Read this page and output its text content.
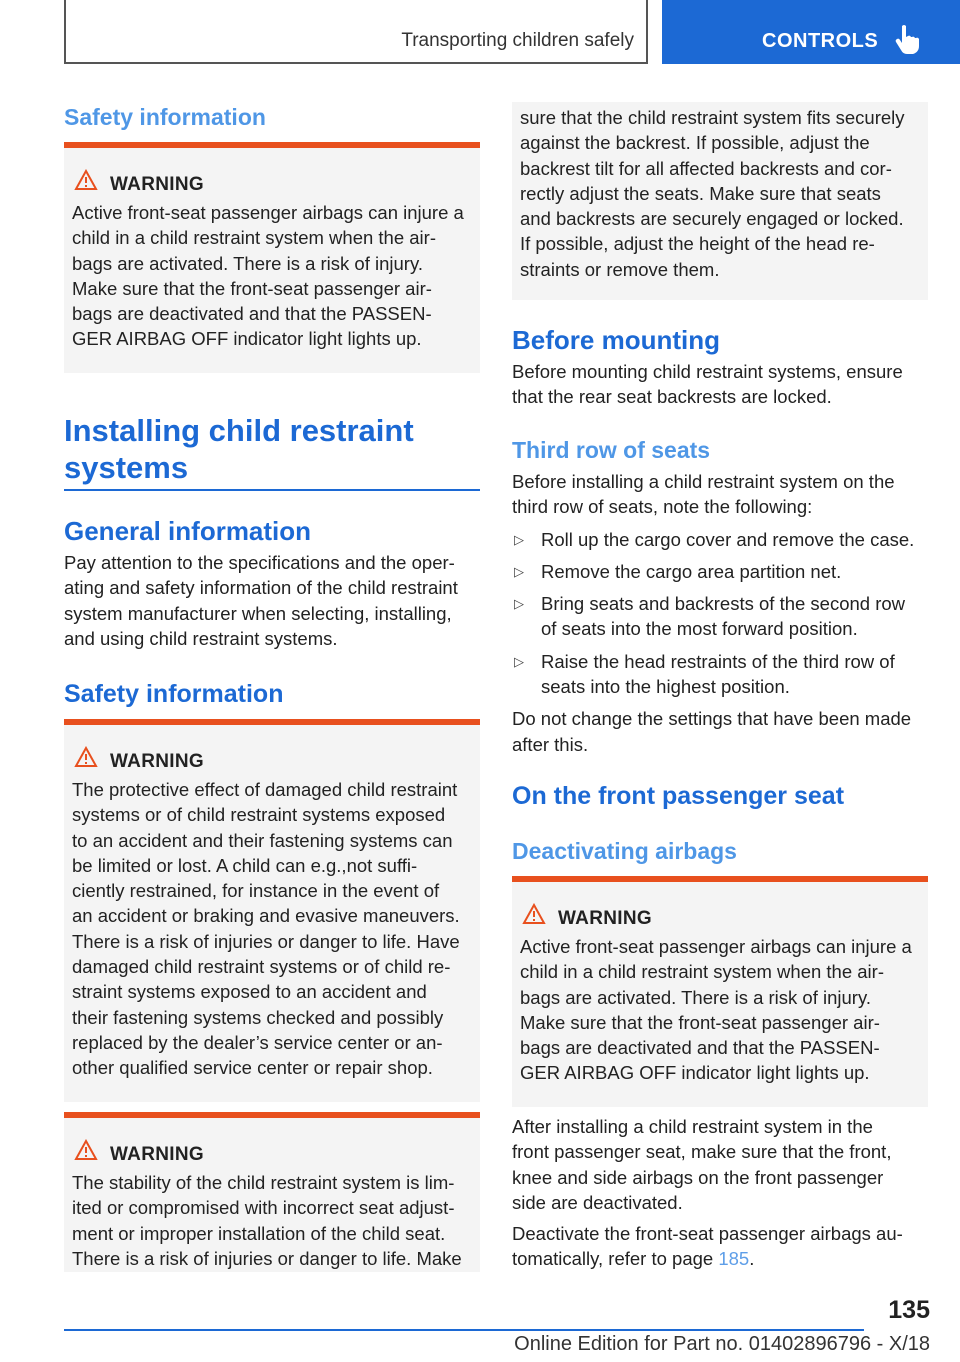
Transporting children safely	CONTROLS
Safety information
WARNING

Active front-seat passenger airbags can injure a

child in a child restraint system when the air-

bags are activated. There is a risk of injury.

Make sure that the front-seat passenger air-

bags are deactivated and that the PASSEN-

GER AIRBAG OFF indicator light lights up.

Installing child restraint
systems
General information

Pay attention to the specifications and the oper-

ating and safety information of the child restraint

system manufacturer when selecting, installing,

and using child restraint systems.

Safety information
WARNING

The protective effect of damaged child restraint

systems or of child restraint systems exposed

to an accident and their fastening systems can

be limited or lost. A child can e.g.,not suffi-

ciently restrained, for instance in the event of

an accident or braking and evasive maneuvers.

There is a risk of injuries or danger to life. Have

damaged child restraint systems or of child re-

straint systems exposed to an accident and

their fastening systems checked and possibly

replaced by the dealer’s service center or an-

other qualified service center or repair shop.

WARNING

The stability of the child restraint system is lim-

ited or compromised with incorrect seat adjust-

ment or improper installation of the child seat.

There is a risk of injuries or danger to life. Make

sure that the child restraint system fits securely

against the backrest. If possible, adjust the

backrest tilt for all affected backrests and cor-

rectly adjust the seats. Make sure that seats

and backrests are securely engaged or locked.

If possible, adjust the height of the head re-

straints or remove them.

Before mounting

Before mounting child restraint systems, ensure

that the rear seat backrests are locked.

Third row of seats

Before installing a child restraint system on the

third row of seats, note the following:

▷ Roll up the cargo cover and remove the case.

▷ Remove the cargo area partition net.

▷ Bring seats and backrests of the second row

of seats into the most forward position.

▷ Raise the head restraints of the third row of

seats into the highest position.

Do not change the settings that have been made

after this.

On the front passenger seat
Deactivating airbags
WARNING

Active front-seat passenger airbags can injure a

child in a child restraint system when the air-

bags are activated. There is a risk of injury.

Make sure that the front-seat passenger air-

bags are deactivated and that the PASSEN-

GER AIRBAG OFF indicator light lights up.

After installing a child restraint system in the

front passenger seat, make sure that the front,

knee and side airbags on the front passenger

side are deactivated.

Deactivate the front-seat passenger airbags au-

tomatically, refer to page 185.

135
Online Edition for Part no. 01402896796 - X/18
